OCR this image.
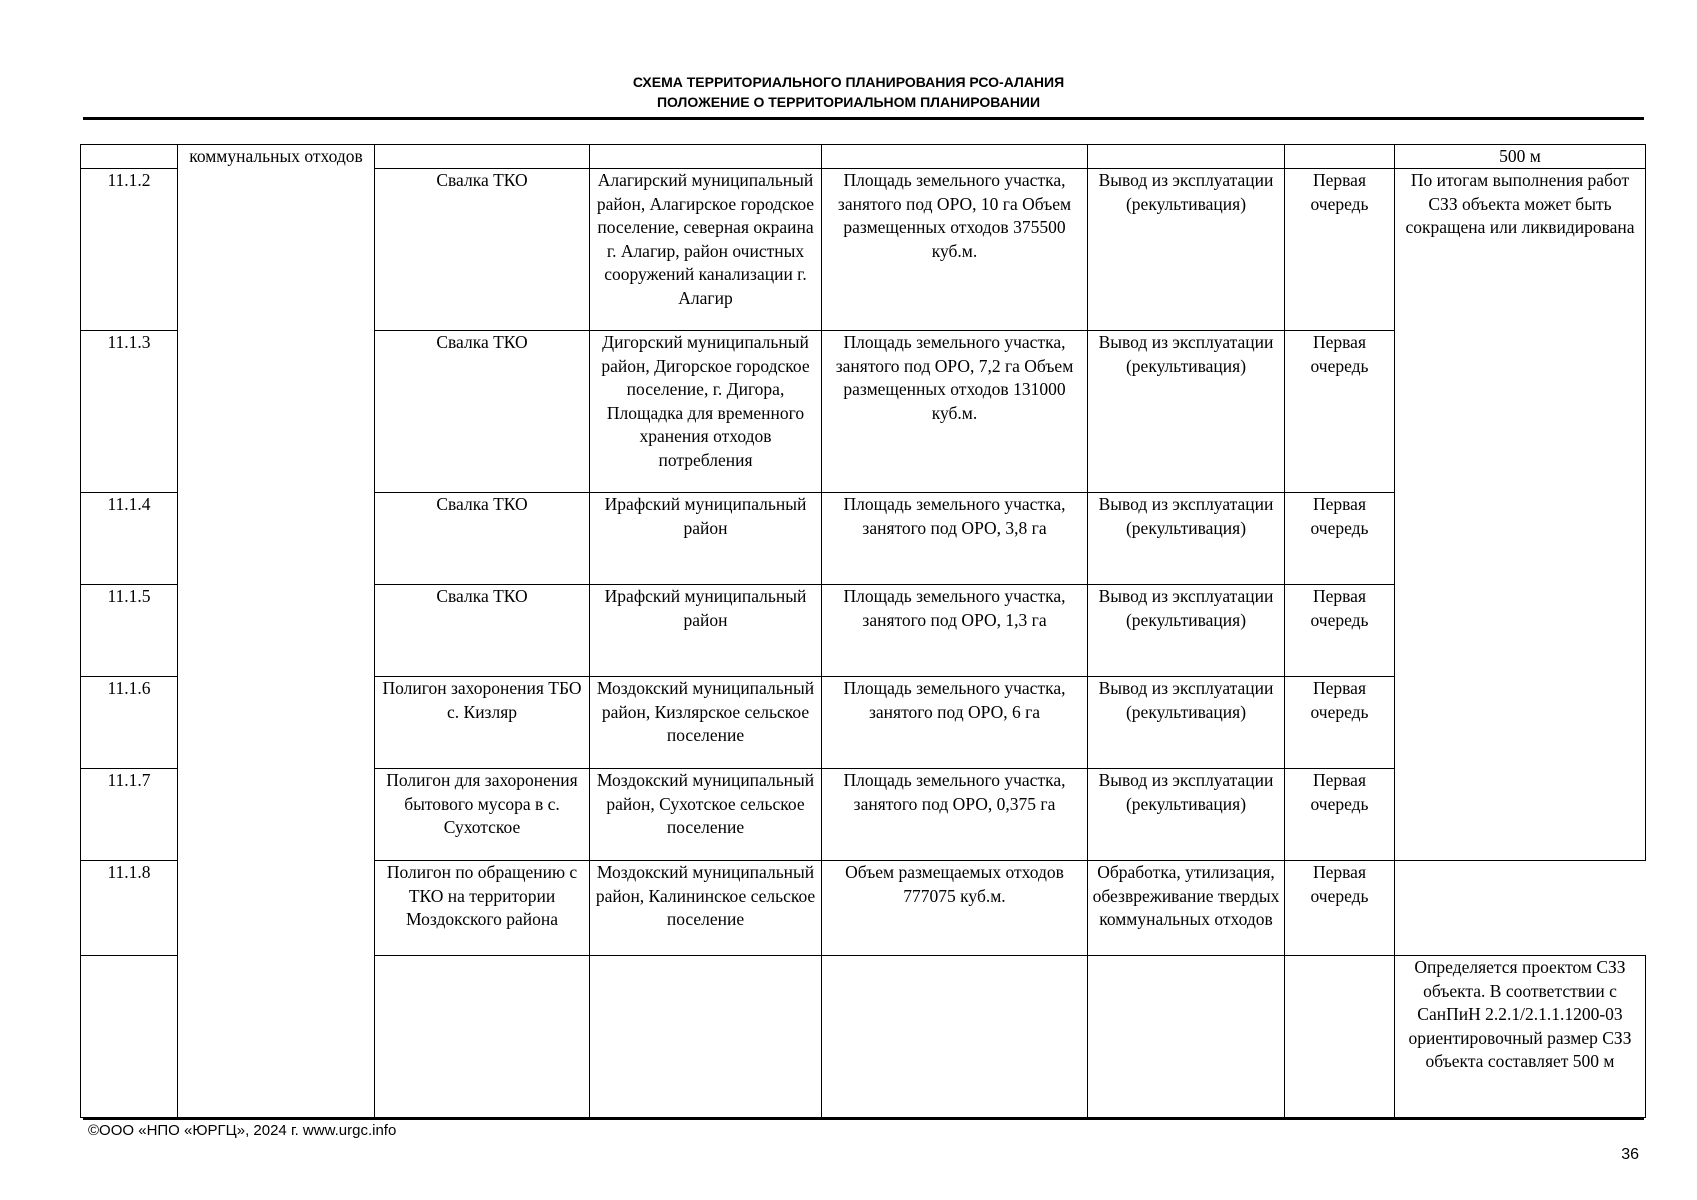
СХЕМА ТЕРРИТОРИАЛЬНОГО ПЛАНИРОВАНИЯ РСО-АЛАНИЯ
ПОЛОЖЕНИЕ О ТЕРРИТОРИАЛЬНОМ ПЛАНИРОВАНИИ
	коммунальных отходов						500 м
11.1.2		Свалка ТКО	Алагирский муниципальный район, Алагирское городское поселение, северная окраина г. Алагир, район очистных сооружений канализации г. Алагир	Площадь земельного участка, занятого под ОРО, 10 га Объем размещенных отходов 375500 куб.м.	Вывод из эксплуатации (рекультивация)	Первая очередь	По итогам выполнения работ СЗЗ объекта может быть сокращена или ликвидирована
11.1.3		Свалка ТКО	Дигорский муниципальный район, Дигорское городское поселение, г. Дигора, Площадка для временного хранения отходов потребления	Площадь земельного участка, занятого под ОРО, 7,2 га Объем размещенных отходов 131000 куб.м.	Вывод из эксплуатации (рекультивация)	Первая очередь	
11.1.4		Свалка ТКО	Ирафский муниципальный район	Площадь земельного участка, занятого под ОРО, 3,8 га	Вывод из эксплуатации (рекультивация)	Первая очередь	
11.1.5		Свалка ТКО	Ирафский муниципальный район	Площадь земельного участка, занятого под ОРО, 1,3 га	Вывод из эксплуатации (рекультивация)	Первая очередь	
11.1.6		Полигон захоронения ТБО с. Кизляр	Моздокский муниципальный район, Кизлярское сельское поселение	Площадь земельного участка, занятого под ОРО, 6 га	Вывод из эксплуатации (рекультивация)	Первая очередь	
11.1.7		Полигон для захоронения бытового мусора в с. Сухотское	Моздокский муниципальный район, Сухотское сельское поселение	Площадь земельного участка, занятого под ОРО, 0,375 га	Вывод из эксплуатации (рекультивация)	Первая очередь	
11.1.8		Полигон по обращению с ТКО на территории Моздокского района	Моздокский муниципальный район, Калининское сельское поселение	Объем размещаемых отходов 777075 куб.м.	Обработка, утилизация, обезвреживание твердых коммунальных отходов	Первая очередь	
							Определяется проектом СЗЗ объекта. В соответствии с СанПиН 2.2.1/2.1.1.1200-03 ориентировочный размер СЗЗ объекта составляет 500 м
©ООО «НПО «ЮРГЦ», 2024 г. www.urgc.info
36
